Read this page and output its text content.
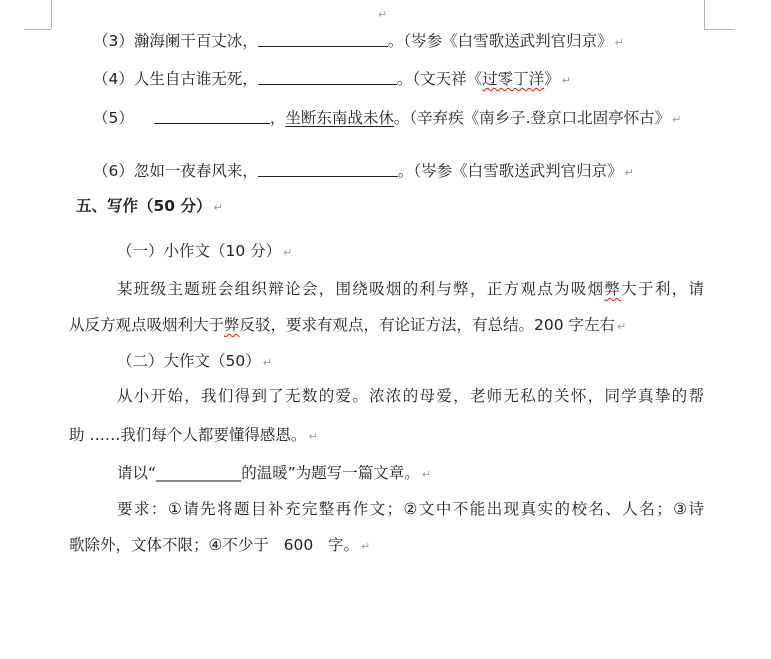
↵
（3）瀚海阑干百丈冰，	。（岑参《白雪歌送武判官归京》 ↵
（4）人生自古谁无死，	。（文天祥《过零丁洋》 ↵
（5）	，坐断东南战未休。（辛弃疾《南乡子.登京口北固亭怀古》 ↵
（6）忽如一夜春风来，	。（岑参《白雪歌送武判官归京》 ↵
五、写作（50 分） ↵
（一）小作文（10 分） ↵
某班级主题班会组织辩论会，围绕吸烟的利与弊，正方观点为吸烟弊大于利，请
从反方观点吸烟利大于弊反驳，要求有观点，有论证方法，有总结。200 字左右 ↵
（二）大作文（50） ↵
从小开始，我们得到了无数的爱。浓浓的母爱，老师无私的关怀，同学真挚的帮
助 ……我们每个人都要懂得感恩。 ↵
请以“___________的温暖”为题写一篇文章。 ↵
要求：①请先将题目补充完整再作文；②文中不能出现真实的校名、人名；③诗
歌除外，文体不限；④不少于   600   字。 ↵
